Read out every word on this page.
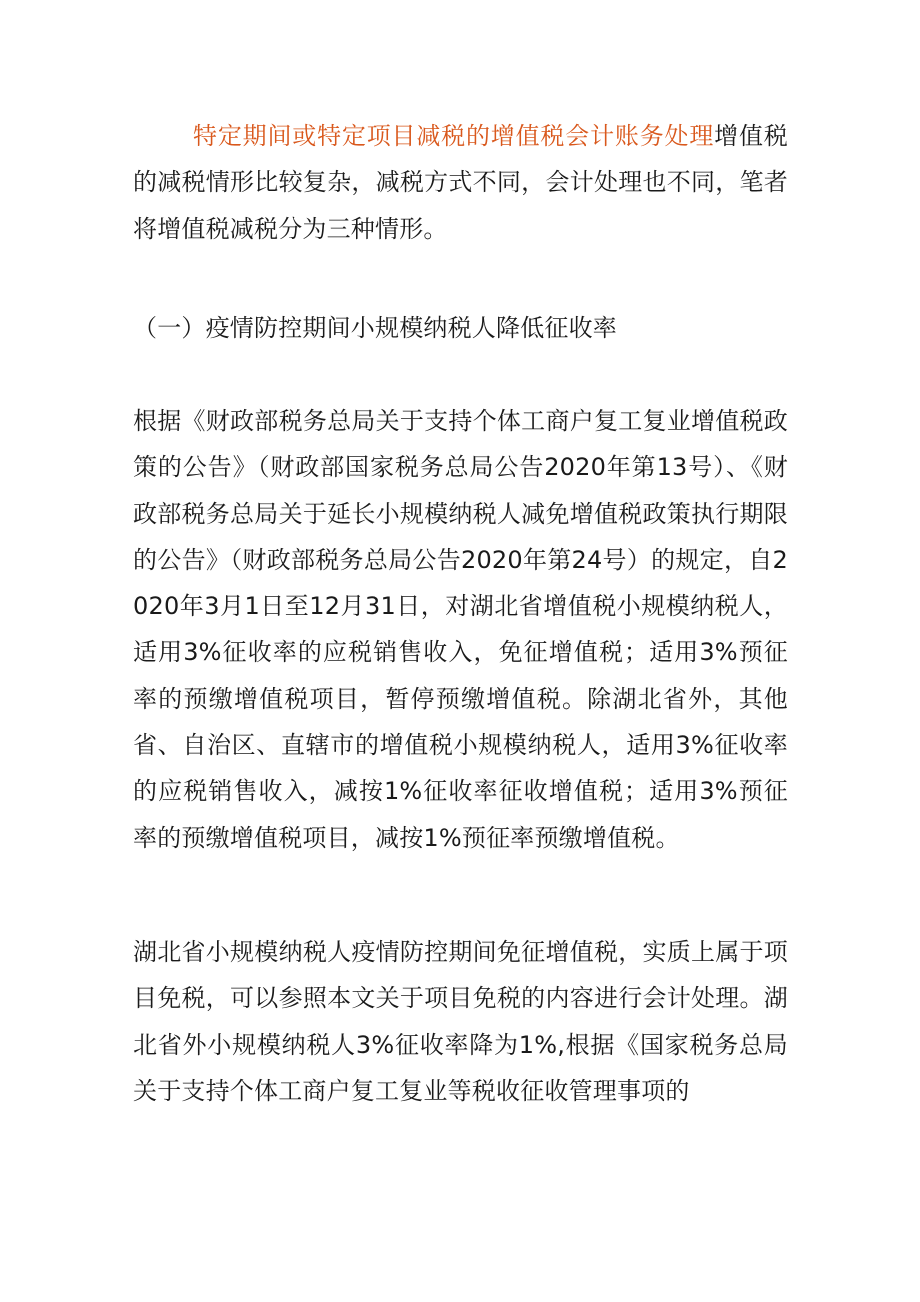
特定期间或特定项目减税的增值税会计账务处理增值税的减税情形比较复杂，减税方式不同，会计处理也不同，笔者将增值税减税分为三种情形。

（一）疫情防控期间小规模纳税人降低征收率

根据《财政部税务总局关于支持个体工商户复工复业增值税政策的公告》（财政部国家税务总局公告2020年第13号）、《财政部税务总局关于延长小规模纳税人减免增值税政策执行期限的公告》（财政部税务总局公告2020年第24号）的规定，自2020年3月1日至12月31日，对湖北省增值税小规模纳税人，适用3%征收率的应税销售收入，免征增值税；适用3%预征率的预缴增值税项目，暂停预缴增值税。除湖北省外，其他省、自治区、直辖市的增值税小规模纳税人，适用3%征收率的应税销售收入，减按1%征收率征收增值税；适用3%预征率的预缴增值税项目，减按1%预征率预缴增值税。

湖北省小规模纳税人疫情防控期间免征增值税，实质上属于项目免税，可以参照本文关于项目免税的内容进行会计处理。湖北省外小规模纳税人3%征收率降为1%,根据《国家税务总局关于支持个体工商户复工复业等税收征收管理事项的
